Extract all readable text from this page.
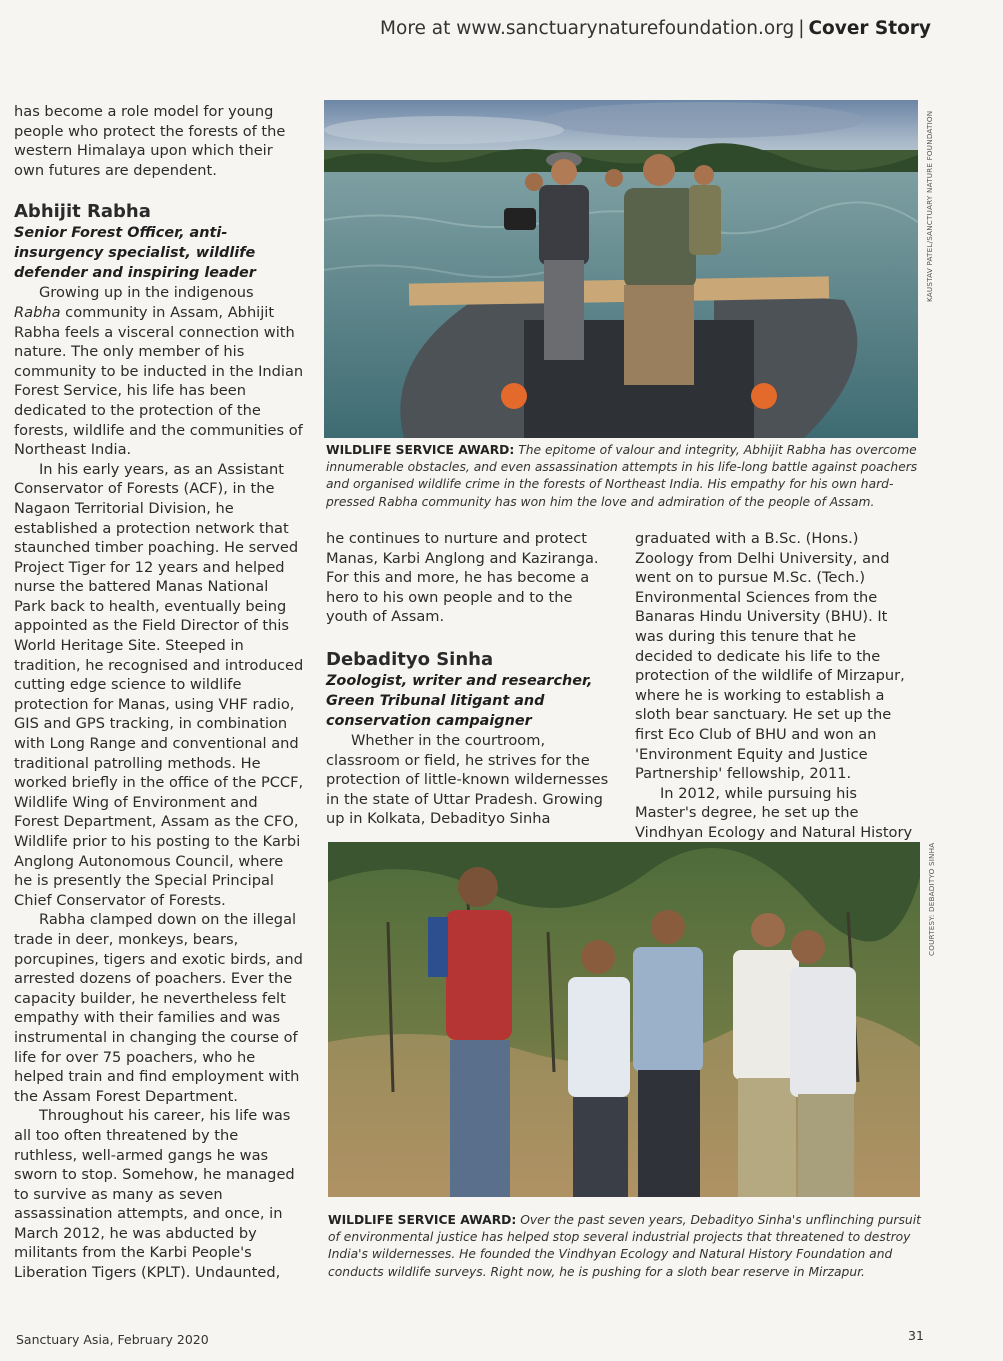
More at www.sanctuarynaturefoundation.org | Cover Story

has become a role model for young people who protect the forests of the western Himalaya upon which their own futures are dependent.

Abhijit Rabha
Senior Forest Officer, anti-insurgency specialist, wildlife defender and inspiring leader

Growing up in the indigenous Rabha community in Assam, Abhijit Rabha feels a visceral connection with nature. The only member of his community to be inducted in the Indian Forest Service, his life has been dedicated to the protection of the forests, wildlife and the communities of Northeast India.

In his early years, as an Assistant Conservator of Forests (ACF), in the Nagaon Territorial Division, he established a protection network that staunched timber poaching. He served Project Tiger for 12 years and helped nurse the battered Manas National Park back to health, eventually being appointed as the Field Director of this World Heritage Site. Steeped in tradition, he recognised and introduced cutting edge science to wildlife protection for Manas, using VHF radio, GIS and GPS tracking, in combination with Long Range and conventional and traditional patrolling methods. He worked briefly in the office of the PCCF, Wildlife Wing of Environment and Forest Department, Assam as the CFO, Wildlife prior to his posting to the Karbi Anglong Autonomous Council, where he is presently the Special Principal Chief Conservator of Forests.

Rabha clamped down on the illegal trade in deer, monkeys, bears, porcupines, tigers and exotic birds, and arrested dozens of poachers. Ever the capacity builder, he nevertheless felt empathy with their families and was instrumental in changing the course of life for over 75 poachers, who he helped train and find employment with the Assam Forest Department.

Throughout his career, his life was all too often threatened by the ruthless, well-armed gangs he was sworn to stop. Somehow, he managed to survive as many as seven assassination attempts, and once, in March 2012, he was abducted by militants from the Karbi People's Liberation Tigers (KPLT). Undaunted,

KAUSTAV PATEL/SANCTUARY NATURE FOUNDATION
WILDLIFE SERVICE AWARD: The epitome of valour and integrity, Abhijit Rabha has overcome innumerable obstacles, and even assassination attempts in his life-long battle against poachers and organised wildlife crime in the forests of Northeast India. His empathy for his own hard-pressed Rabha community has won him the love and admiration of the people of Assam.

he continues to nurture and protect Manas, Karbi Anglong and Kaziranga. For this and more, he has become a hero to his own people and to the youth of Assam.

Debadityo Sinha
Zoologist, writer and researcher, Green Tribunal litigant and conservation campaigner

Whether in the courtroom, classroom or field, he strives for the protection of little-known wildernesses in the state of Uttar Pradesh. Growing up in Kolkata, Debadityo Sinha

graduated with a B.Sc. (Hons.) Zoology from Delhi University, and went on to pursue M.Sc. (Tech.) Environmental Sciences from the Banaras Hindu University (BHU). It was during this tenure that he decided to dedicate his life to the protection of the wildlife of Mirzapur, where he is working to establish a sloth bear sanctuary. He set up the first Eco Club of BHU and won an 'Environment Equity and Justice Partnership' fellowship, 2011.

In 2012, while pursuing his Master's degree, he set up the Vindhyan Ecology and Natural History

COURTESY: DEBADITYO SINHA
WILDLIFE SERVICE AWARD: Over the past seven years, Debadityo Sinha's unflinching pursuit of environmental justice has helped stop several industrial projects that threatened to destroy India's wildernesses. He founded the Vindhyan Ecology and Natural History Foundation and conducts wildlife surveys. Right now, he is pushing for a sloth bear reserve in Mirzapur.
Sanctuary Asia, February 2020	31
